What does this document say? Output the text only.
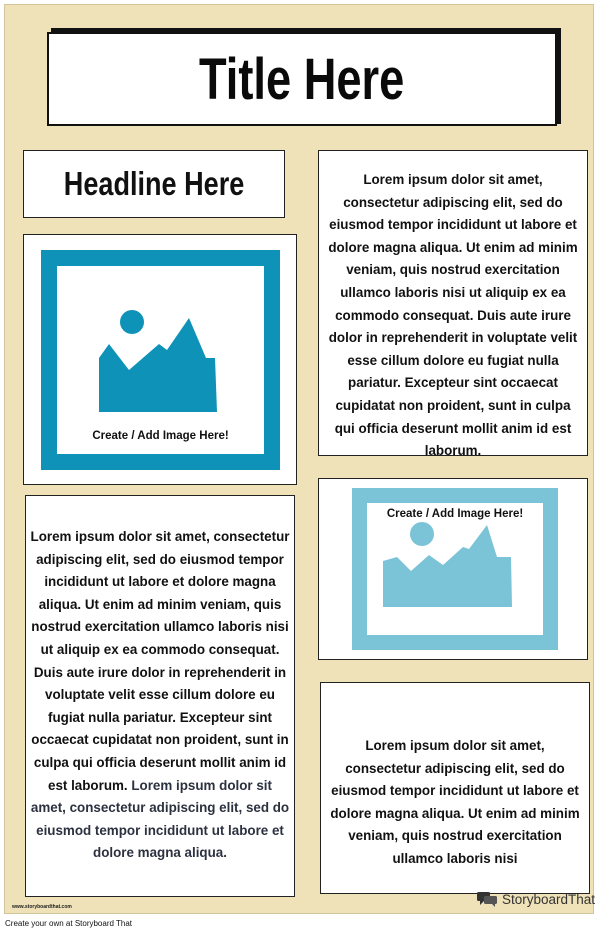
Title Here
Headline Here	Lorem ipsum dolor sit amet, consectetur adipiscing elit, sed do eiusmod tempor incididunt ut labore et dolore magna aliqua. Ut enim ad minim veniam, quis nostrud exercitation ullamco laboris nisi ut aliquip ex ea commodo consequat. Duis aute irure dolor in reprehenderit in voluptate velit esse cillum dolore eu fugiat nulla pariatur. Excepteur sint occaecat cupidatat non proident, sunt in culpa qui officia deserunt mollit anim id est laborum.
Create / Add Image Here!
Lorem ipsum dolor sit amet, consectetur adipiscing elit, sed do eiusmod tempor incididunt ut labore et dolore magna aliqua. Ut enim ad minim veniam, quis nostrud exercitation ullamco laboris nisi ut aliquip ex ea commodo consequat. Duis aute irure dolor in reprehenderit in voluptate velit esse cillum dolore eu fugiat nulla pariatur. Excepteur sint occaecat cupidatat non proident, sunt in culpa qui officia deserunt mollit anim id est laborum. Lorem ipsum dolor sit amet, consectetur adipiscing elit, sed do eiusmod tempor incididunt ut labore et dolore magna aliqua.
Create / Add Image Here!
Lorem ipsum dolor sit amet, consectetur adipiscing elit, sed do eiusmod tempor incididunt ut labore et dolore magna aliqua. Ut enim ad minim veniam, quis nostrud exercitation ullamco laboris nisi
www.storyboardthat.com
Create your own at Storyboard That
StoryboardThat
